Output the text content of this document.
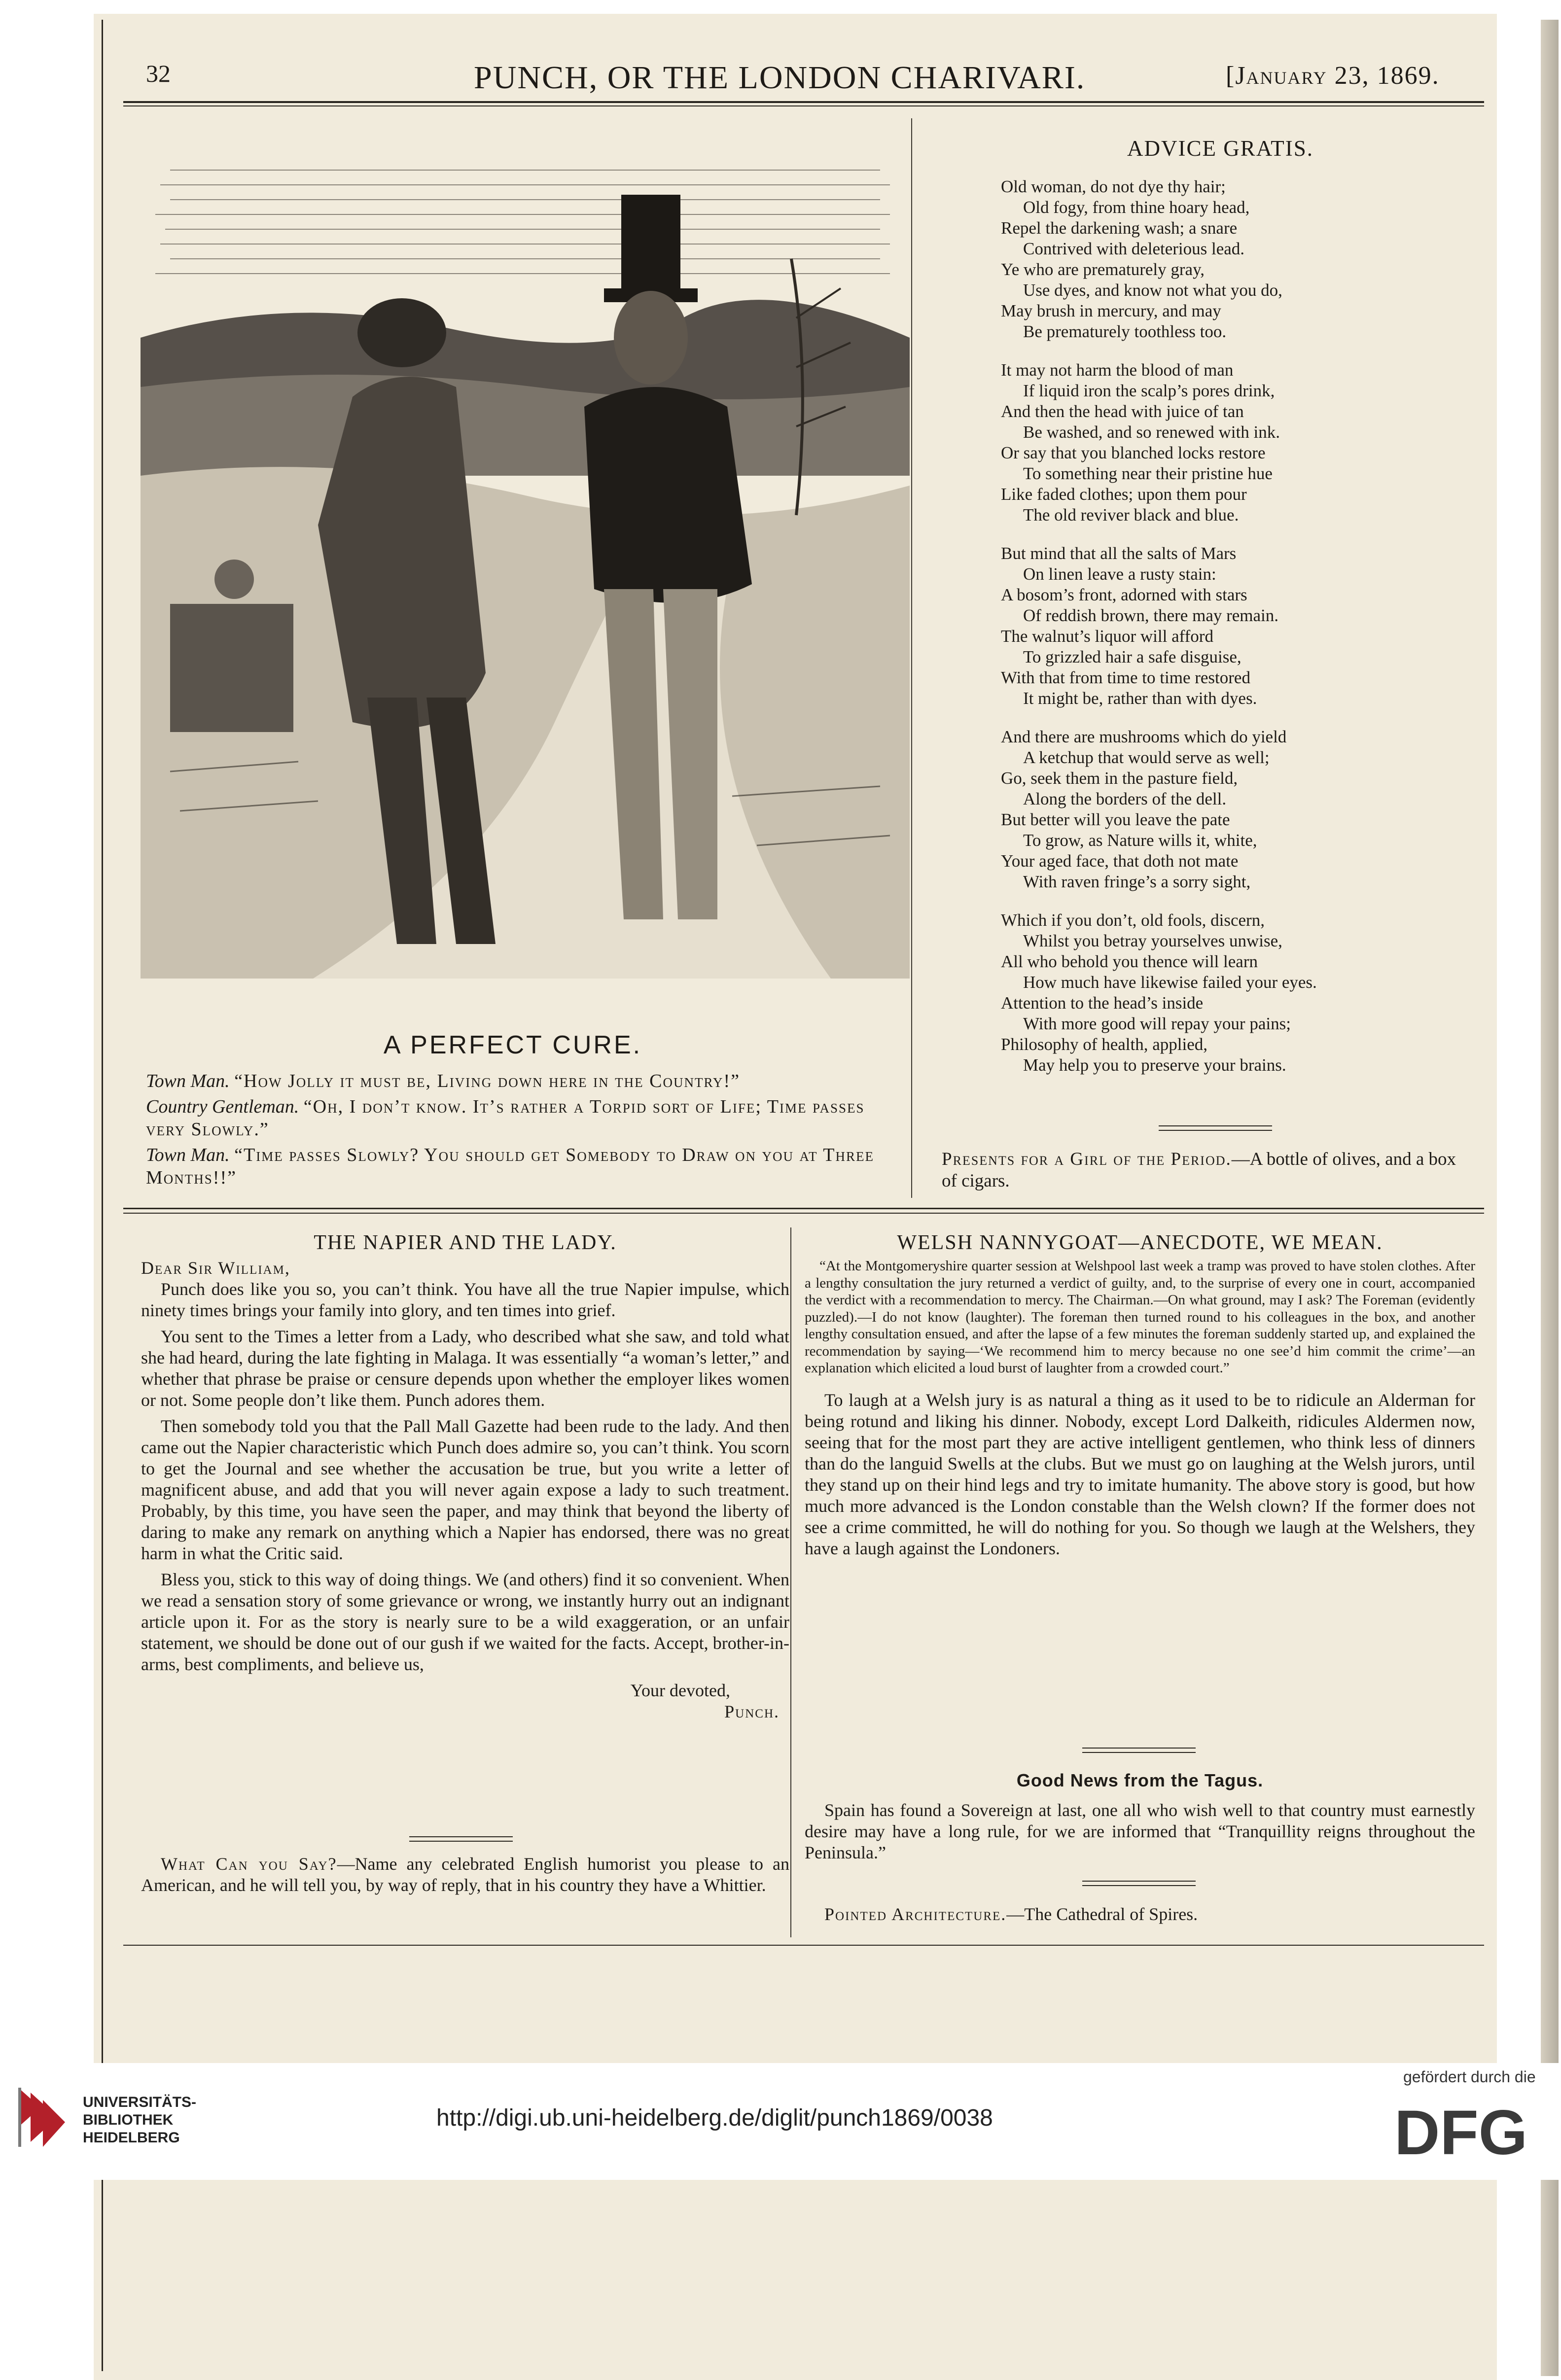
32	PUNCH, OR THE LONDON CHARIVARI.	[January 23, 1869.
A PERFECT CURE.

Town Man. “How Jolly it must be, Living down here in the Country!”

Country Gentleman. “Oh, I don’t know. It’s rather a Torpid sort of Life; Time passes very Slowly.”

Town Man. “Time passes Slowly? You should get Somebody to Draw on you at Three Months!!”

ADVICE GRATIS.
Old woman, do not dye thy hair;
Old fogy, from thine hoary head,
Repel the darkening wash; a snare
Contrived with deleterious lead.
Ye who are prematurely gray,
Use dyes, and know not what you do,
May brush in mercury, and may
Be prematurely toothless too.
It may not harm the blood of man
If liquid iron the scalp’s pores drink,
And then the head with juice of tan
Be washed, and so renewed with ink.
Or say that you blanched locks restore
To something near their pristine hue
Like faded clothes; upon them pour
The old reviver black and blue.
But mind that all the salts of Mars
On linen leave a rusty stain:
A bosom’s front, adorned with stars
Of reddish brown, there may remain.
The walnut’s liquor will afford
To grizzled hair a safe disguise,
With that from time to time restored
It might be, rather than with dyes.
And there are mushrooms which do yield
A ketchup that would serve as well;
Go, seek them in the pasture field,
Along the borders of the dell.
But better will you leave the pate
To grow, as Nature wills it, white,
Your aged face, that doth not mate
With raven fringe’s a sorry sight,
Which if you don’t, old fools, discern,
Whilst you betray yourselves unwise,
All who behold you thence will learn
How much have likewise failed your eyes.
Attention to the head’s inside
With more good will repay your pains;
Philosophy of health, applied,
May help you to preserve your brains.
Presents for a Girl of the Period.—A bottle of olives, and a box of cigars.
THE NAPIER AND THE LADY.
Dear Sir William,

Punch does like you so, you can’t think. You have all the true Napier impulse, which ninety times brings your family into glory, and ten times into grief.

You sent to the Times a letter from a Lady, who described what she saw, and told what she had heard, during the late fighting in Malaga. It was essentially “a woman’s letter,” and whether that phrase be praise or censure depends upon whether the employer likes women or not. Some people don’t like them. Punch adores them.

Then somebody told you that the Pall Mall Gazette had been rude to the lady. And then came out the Napier characteristic which Punch does admire so, you can’t think. You scorn to get the Journal and see whether the accusation be true, but you write a letter of magnificent abuse, and add that you will never again expose a lady to such treatment. Probably, by this time, you have seen the paper, and may think that beyond the liberty of daring to make any remark on anything which a Napier has endorsed, there was no great harm in what the Critic said.

Bless you, stick to this way of doing things. We (and others) find it so convenient. When we read a sensation story of some grievance or wrong, we instantly hurry out an indignant article upon it. For as the story is nearly sure to be a wild exaggeration, or an unfair statement, we should be done out of our gush if we waited for the facts. Accept, brother-in-arms, best compliments, and believe us,

Your devoted,
Punch.

What Can you Say?—Name any celebrated English humorist you please to an American, and he will tell you, by way of reply, that in his country they have a Whittier.

WELSH NANNYGOAT—ANECDOTE, WE MEAN.
“At the Montgomeryshire quarter session at Welshpool last week a tramp was proved to have stolen clothes. After a lengthy consultation the jury returned a verdict of guilty, and, to the surprise of every one in court, accompanied the verdict with a recommendation to mercy. The Chairman.—On what ground, may I ask? The Foreman (evidently puzzled).—I do not know (laughter). The foreman then turned round to his colleagues in the box, and another lengthy consultation ensued, and after the lapse of a few minutes the foreman suddenly started up, and explained the recommendation by saying—‘We recommend him to mercy because no one see’d him commit the crime’—an explanation which elicited a loud burst of laughter from a crowded court.”

To laugh at a Welsh jury is as natural a thing as it used to be to ridicule an Alderman for being rotund and liking his dinner. Nobody, except Lord Dalkeith, ridicules Aldermen now, seeing that for the most part they are active intelligent gentlemen, who think less of dinners than do the languid Swells at the clubs. But we must go on laughing at the Welsh jurors, until they stand up on their hind legs and try to imitate humanity. The above story is good, but how much more advanced is the London constable than the Welsh clown? If the former does not see a crime committed, he will do nothing for you. So though we laugh at the Welshers, they have a laugh against the Londoners.

Good News from the Tagus.

Spain has found a Sovereign at last, one all who wish well to that country must earnestly desire may have a long rule, for we are informed that “Tranquillity reigns throughout the Peninsula.”

Pointed Architecture.—The Cathedral of Spires.

UNIVERSITÄTS-
BIBLIOTHEK
HEIDELBERG
http://digi.ub.uni-heidelberg.de/diglit/punch1869/0038
gefördert durch die
DFG
